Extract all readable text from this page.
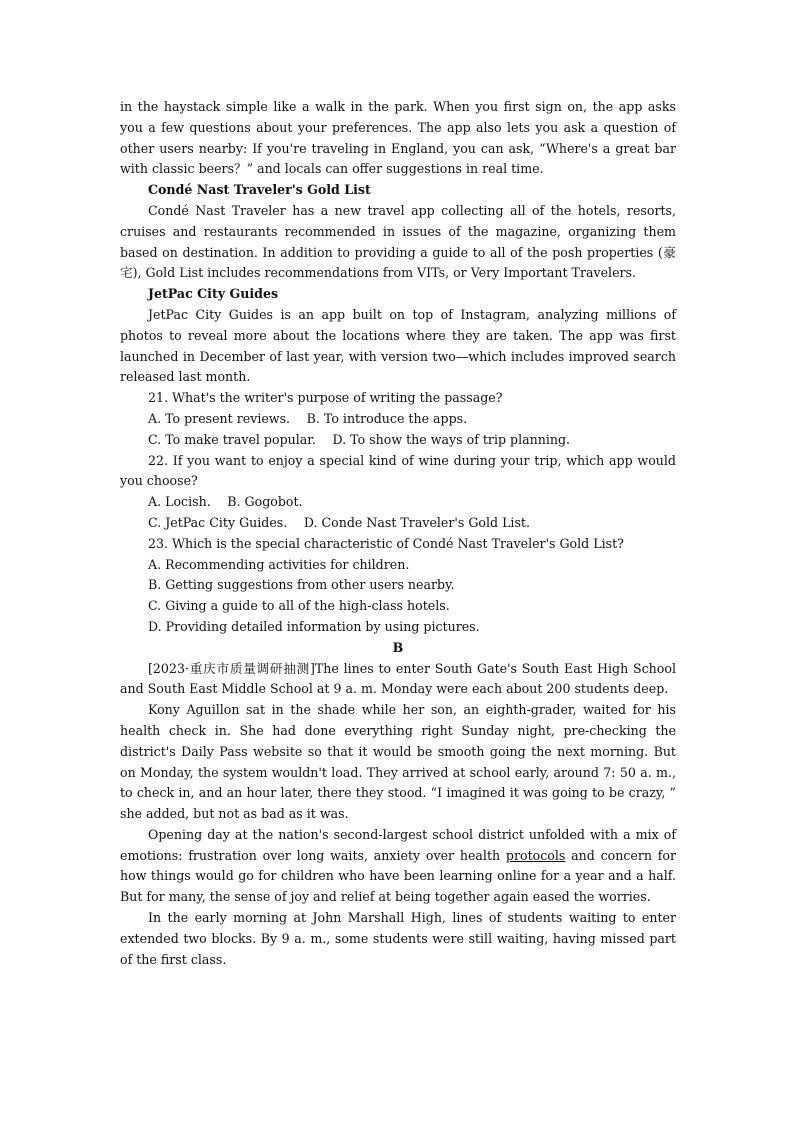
in the haystack simple like a walk in the park. When you first sign on, the app asks you a few questions about your preferences. The app also lets you ask a question of other users nearby: If you're traveling in England, you can ask, “Where's a great bar with classic beers？” and locals can offer suggestions in real time.

Condé Nast Traveler's Gold List

Condé Nast Traveler has a new travel app collecting all of the hotels, resorts, cruises and restaurants recommended in issues of the magazine, organizing them based on destination. In addition to providing a guide to all of the posh properties (豪宅), Gold List includes recommendations from VITs, or Very Important Travelers.

JetPac City Guides

JetPac City Guides is an app built on top of Instagram, analyzing millions of photos to reveal more about the locations where they are taken. The app was first launched in December of last year, with version two—which includes improved search released last month.

21. What's the writer's purpose of writing the passage?

A. To present reviews.  B. To introduce the apps.

C. To make travel popular.  D. To show the ways of trip planning.

22. If you want to enjoy a special kind of wine during your trip, which app would you choose?

A. Locish.  B. Gogobot.

C. JetPac City Guides.  D. Conde Nast Traveler's Gold List.

23. Which is the special characteristic of Condé Nast Traveler's Gold List?

A. Recommending activities for children.

B. Getting suggestions from other users nearby.

C. Giving a guide to all of the high-class hotels.

D. Providing detailed information by using pictures.

B

[2023·重庆市质量调研抽测]The lines to enter South Gate's South East High School and South East Middle School at 9 a. m. Monday were each about 200 students deep.

Kony Aguillon sat in the shade while her son, an eighth-grader, waited for his health check in. She had done everything right Sunday night, pre-checking the district's Daily Pass website so that it would be smooth going the next morning. But on Monday, the system wouldn't load. They arrived at school early, around 7: 50 a. m., to check in, and an hour later, there they stood. “I imagined it was going to be crazy, ” she added, but not as bad as it was.

Opening day at the nation's second-largest school district unfolded with a mix of emotions: frustration over long waits, anxiety over health protocols and concern for how things would go for children who have been learning online for a year and a half. But for many, the sense of joy and relief at being together again eased the worries.

In the early morning at John Marshall High, lines of students waiting to enter extended two blocks. By 9 a. m., some students were still waiting, having missed part of the first class.
